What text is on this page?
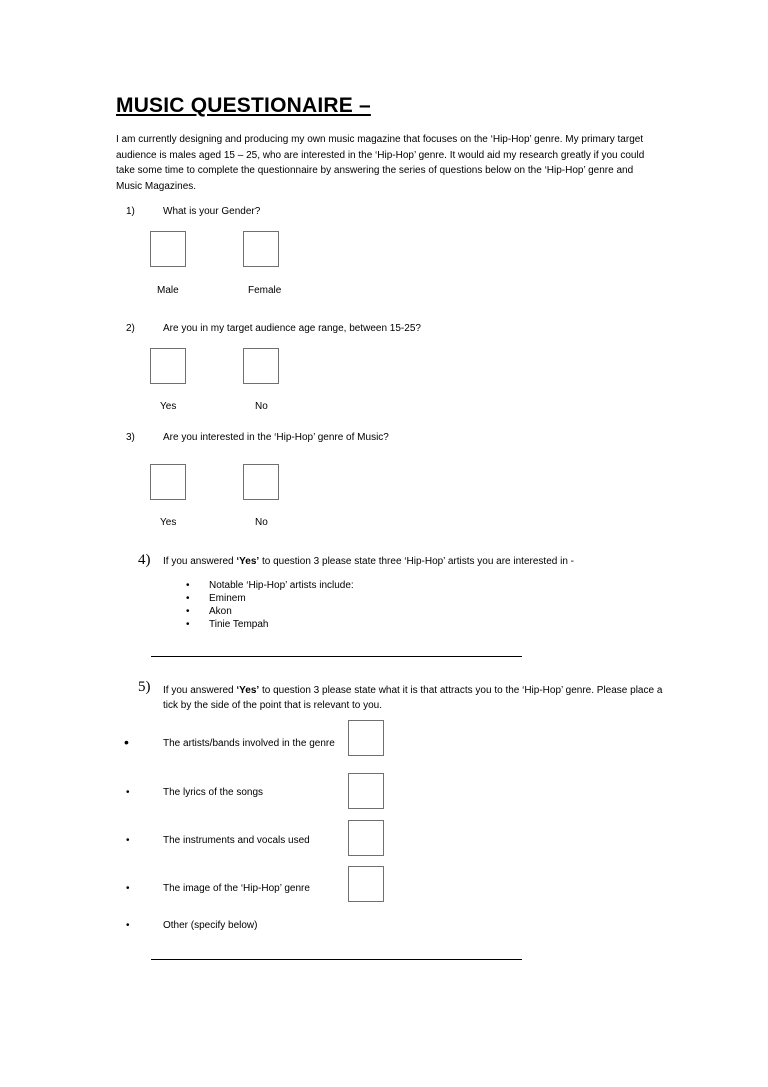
MUSIC QUESTIONAIRE –
I am currently designing and producing my own music magazine that focuses on the ‘Hip-Hop’ genre. My primary target audience is males aged 15 – 25, who are interested in the ‘Hip-Hop’ genre. It would aid my research greatly if you could take some time to complete the questionnaire by answering the series of questions below on the ‘Hip-Hop’ genre and Music Magazines.
1)	What is your Gender?
Male	Female
2)	Are you in my target audience age range, between 15-25?
Yes	No
3)	Are you interested in the ‘Hip-Hop’ genre of Music?
Yes	No
4) If you answered ‘Yes’ to question 3 please state three ‘Hip-Hop’ artists you are interested in -
• Notable ‘Hip-Hop’ artists include:
• Eminem
• Akon
• Tinie Tempah
5) If you answered ‘Yes’ to question 3 please state what it is that attracts you to the ‘Hip-Hop’ genre. Please place a tick by the side of the point that is relevant to you.
•	The artists/bands involved in the genre
•	The lyrics of the songs
•	The instruments and vocals used
•	The image of the ‘Hip-Hop’ genre
•	Other (specify below)
